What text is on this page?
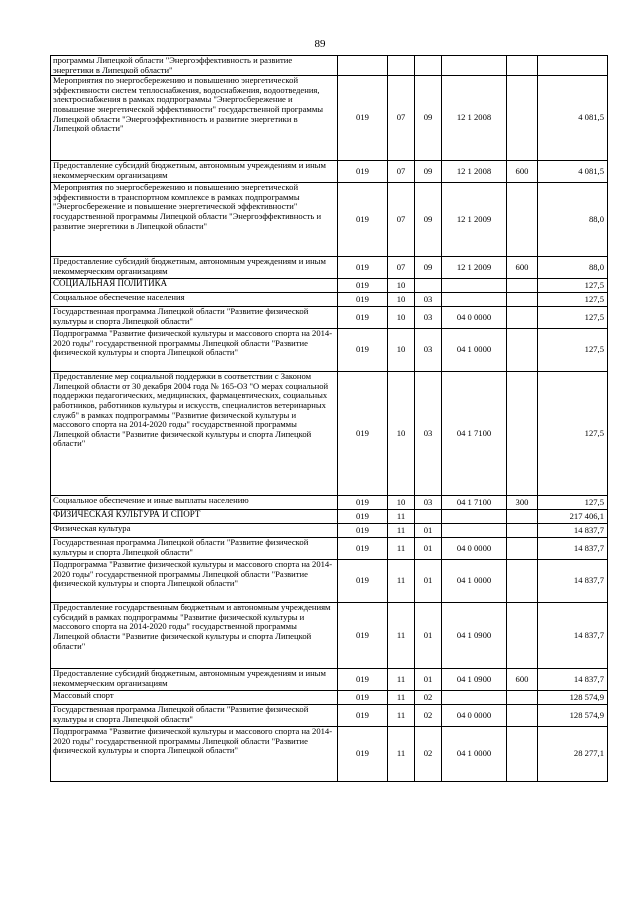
89
программы Липецкой области "Энергоэффективность и развитие энергетики в Липецкой области"						
Мероприятия по энергосбережению и повышению энергетической эффективности систем теплоснабжения, водоснабжения, водоотведения, электроснабжения в рамках подпрограммы "Энергосбережение и повышение энергетической эффективности" государственной программы Липецкой области "Энергоэффективность и развитие энергетики в Липецкой области"	019	07	09	12 1 2008		4 081,5
Предоставление субсидий бюджетным, автономным учреждениям и иным некоммерческим организациям	019	07	09	12 1 2008	600	4 081,5
Мероприятия по энергосбережению и повышению энергетической эффективности в транспортном комплексе в рамках подпрограммы "Энергосбережение и повышение энергетической эффективности" государственной программы Липецкой области "Энергоэффективность и развитие энергетики в Липецкой области"	019	07	09	12 1 2009		88,0
Предоставление субсидий бюджетным, автономным учреждениям и иным некоммерческим организациям	019	07	09	12 1 2009	600	88,0
СОЦИАЛЬНАЯ ПОЛИТИКА	019	10				127,5
Социальное обеспечение населения	019	10	03			127,5
Государственная программа Липецкой области "Развитие физической культуры и спорта Липецкой области"	019	10	03	04 0 0000		127,5
Подпрограмма "Развитие физической культуры и массового спорта на 2014-2020 годы" государственной программы Липецкой области "Развитие физической культуры и спорта Липецкой области"	019	10	03	04 1 0000		127,5
Предоставление мер социальной поддержки в соответствии с Законом Липецкой области от 30 декабря 2004 года № 165-ОЗ "О мерах социальной поддержки педагогических, медицинских, фармацевтических, социальных работников, работников культуры и искусств, специалистов ветеринарных служб" в рамках подпрограммы "Развитие физической культуры и массового спорта на 2014-2020 годы" государственной программы Липецкой области "Развитие физической культуры и спорта Липецкой области"	019	10	03	04 1 7100		127,5
Социальное обеспечение и иные выплаты населению	019	10	03	04 1 7100	300	127,5
ФИЗИЧЕСКАЯ КУЛЬТУРА И СПОРТ	019	11				217 406,1
Физическая культура	019	11	01			14 837,7
Государственная программа Липецкой области "Развитие физической культуры и спорта Липецкой области"	019	11	01	04 0 0000		14 837,7
Подпрограмма "Развитие физической культуры и массового спорта на 2014-2020 годы" государственной программы Липецкой области "Развитие физической культуры и спорта Липецкой области"	019	11	01	04 1 0000		14 837,7
Предоставление государственным бюджетным и автономным учреждениям субсидий в рамках подпрограммы "Развитие физической культуры и массового спорта на 2014-2020 годы" государственной программы Липецкой области "Развитие физической культуры и спорта Липецкой области"	019	11	01	04 1 0900		14 837,7
Предоставление субсидий бюджетным, автономным учреждениям и иным некоммерческим организациям	019	11	01	04 1 0900	600	14 837,7
Массовый спорт	019	11	02			128 574,9
Государственная программа Липецкой области "Развитие физической культуры и спорта Липецкой области"	019	11	02	04 0 0000		128 574,9
Подпрограмма "Развитие физической культуры и массового спорта на 2014-2020 годы" государственной программы Липецкой области "Развитие физической культуры и спорта Липецкой области"	019	11	02	04 1 0000		28 277,1
